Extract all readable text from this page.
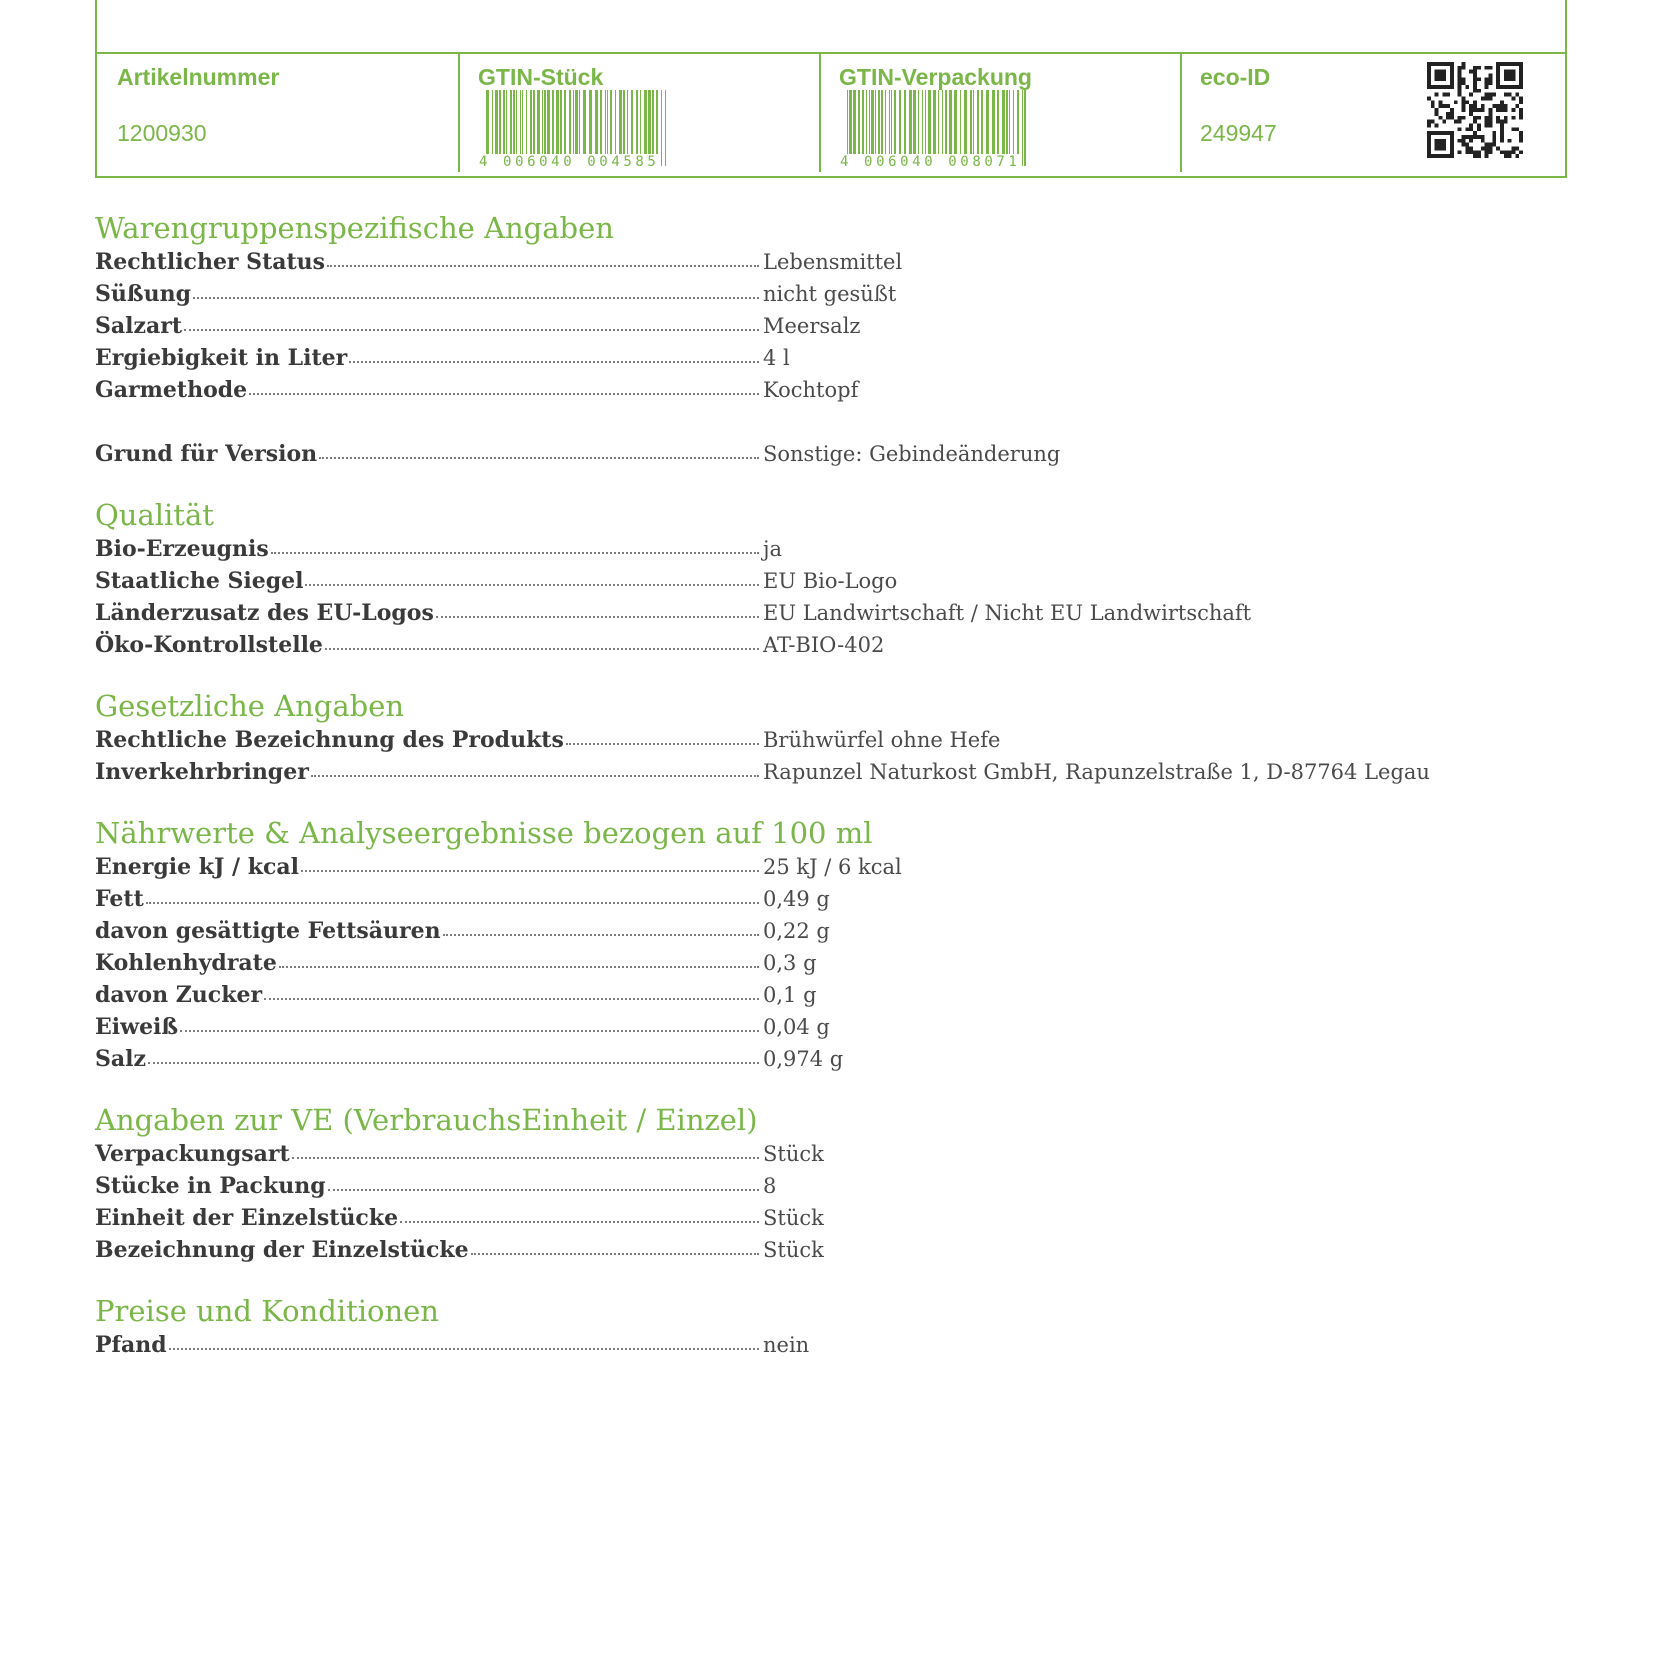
Artikelnummer
1200930
GTIN-Stück
4 006040 004585
GTIN-Verpackung
4 006040 008071
eco-ID
249947
Warengruppenspezifische Angaben
Rechtlicher Status	Lebensmittel
Süßung	nicht gesüßt
Salzart	Meersalz
Ergiebigkeit in Liter	4 l
Garmethode	Kochtopf
Grund für Version	Sonstige: Gebindeänderung
Qualität
Bio-Erzeugnis	ja
Staatliche Siegel	EU Bio-Logo
Länderzusatz des EU-Logos	EU Landwirtschaft / Nicht EU Landwirtschaft
Öko-Kontrollstelle	AT-BIO-402
Gesetzliche Angaben
Rechtliche Bezeichnung des Produkts	Brühwürfel ohne Hefe
Inverkehrbringer	Rapunzel Naturkost GmbH, Rapunzelstraße 1, D-87764 Legau
Nährwerte & Analyseergebnisse bezogen auf 100 ml
Energie kJ / kcal	25 kJ / 6 kcal
Fett	0,49 g
davon gesättigte Fettsäuren	0,22 g
Kohlenhydrate	0,3 g
davon Zucker	0,1 g
Eiweiß	0,04 g
Salz	0,974 g
Angaben zur VE (VerbrauchsEinheit / Einzel)
Verpackungsart	Stück
Stücke in Packung	8
Einheit der Einzelstücke	Stück
Bezeichnung der Einzelstücke	Stück
Preise und Konditionen
Pfand	nein
